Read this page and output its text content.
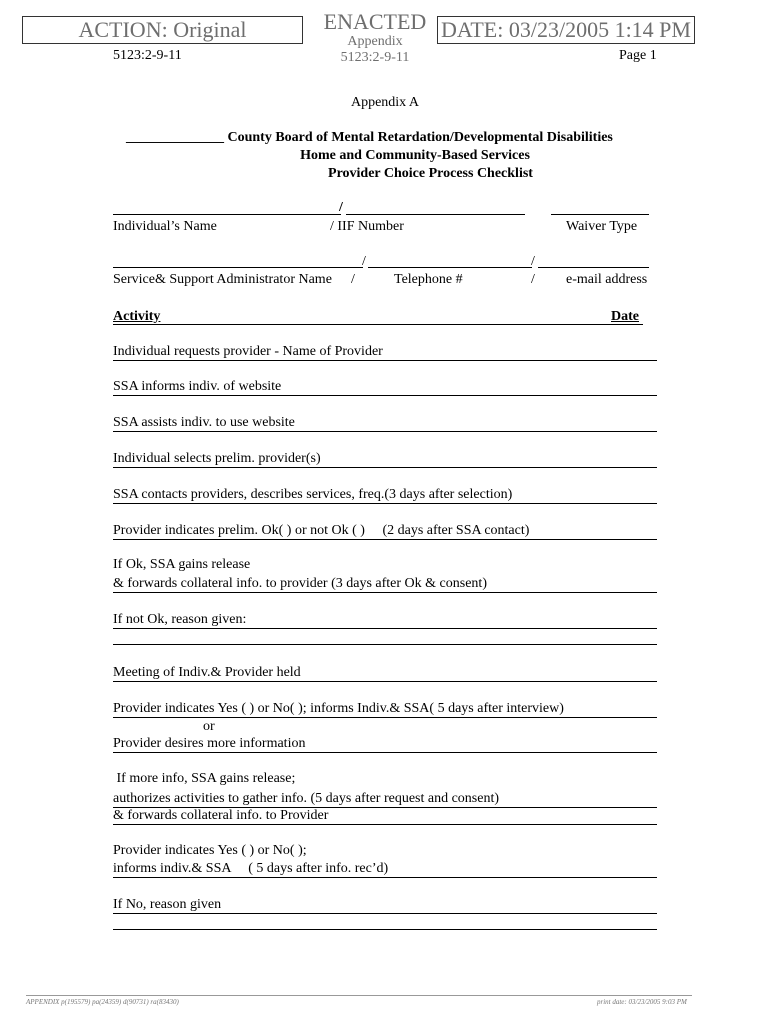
ACTION: Original	ENACTED
Appendix
5123:2-9-11
DATE: 03/23/2005 1:14 PM
5123:2-9-11	Page 1
Appendix A
______________ County Board of Mental Retardation/Developmental Disabilities
Home and Community-Based Services
Provider Choice Process Checklist
/
Individual’s Name	/ IIF Number	Waiver Type
/	/
Service& Support Administrator Name /	Telephone #	/ e-mail address
Activity	Date
Individual requests provider - Name of Provider
SSA informs indiv. of website
SSA assists indiv. to use website
Individual selects prelim. provider(s)
SSA contacts providers, describes services, freq.(3 days after selection)
Provider indicates prelim. Ok( ) or not Ok ( )     (2 days after SSA contact)
If Ok, SSA gains release
& forwards collateral info. to provider (3 days after Ok & consent)
If not Ok, reason given:
Meeting of Indiv.& Provider held
Provider indicates Yes ( ) or No( ); informs Indiv.& SSA( 5 days after interview)
or
Provider desires more information
If more info, SSA gains release;
authorizes activities to gather info. (5 days after request and consent)
& forwards collateral info. to Provider
Provider indicates Yes ( ) or No( );
informs indiv.& SSA     ( 5 days after info. rec’d)
If No, reason given
APPENDIX p(195579) pa(24359) d(90731) ra(83430)	print date: 03/23/2005 9:03 PM
